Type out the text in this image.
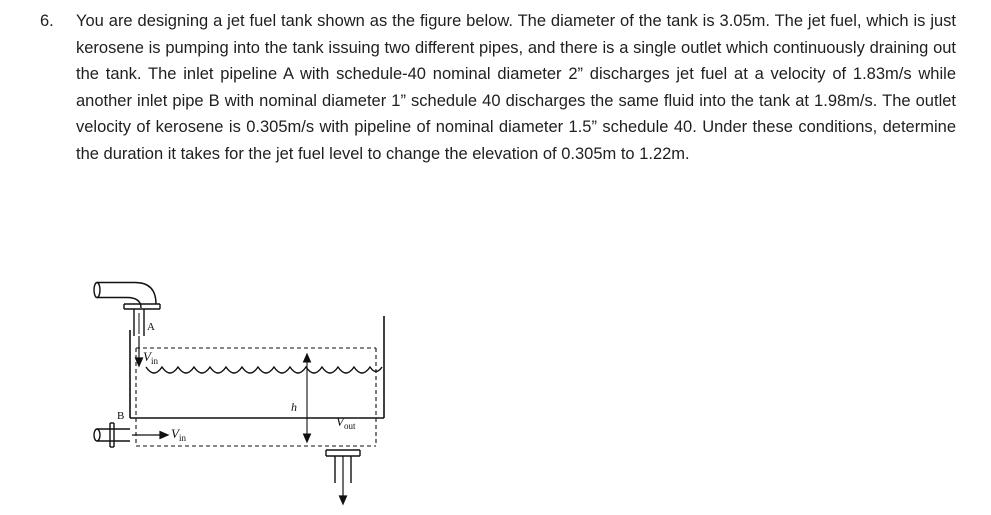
6. You are designing a jet fuel tank shown as the figure below. The diameter of the tank is 3.05m. The jet fuel, which is just kerosene is pumping into the tank issuing two different pipes, and there is a single outlet which continuously draining out the tank. The inlet pipeline A with schedule-40 nominal diameter 2” discharges jet fuel at a velocity of 1.83m/s while another inlet pipe B with nominal diameter 1” schedule 40 discharges the same fluid into the tank at 1.98m/s. The outlet velocity of kerosene is 0.305m/s with pipeline of nominal diameter 1.5” schedule 40. Under these conditions, determine the duration it takes for the jet fuel level to change the elevation of 0.305m to 1.22m.
A
$V_{in}$
B
$V_{in}$
h
$V_{out}$
